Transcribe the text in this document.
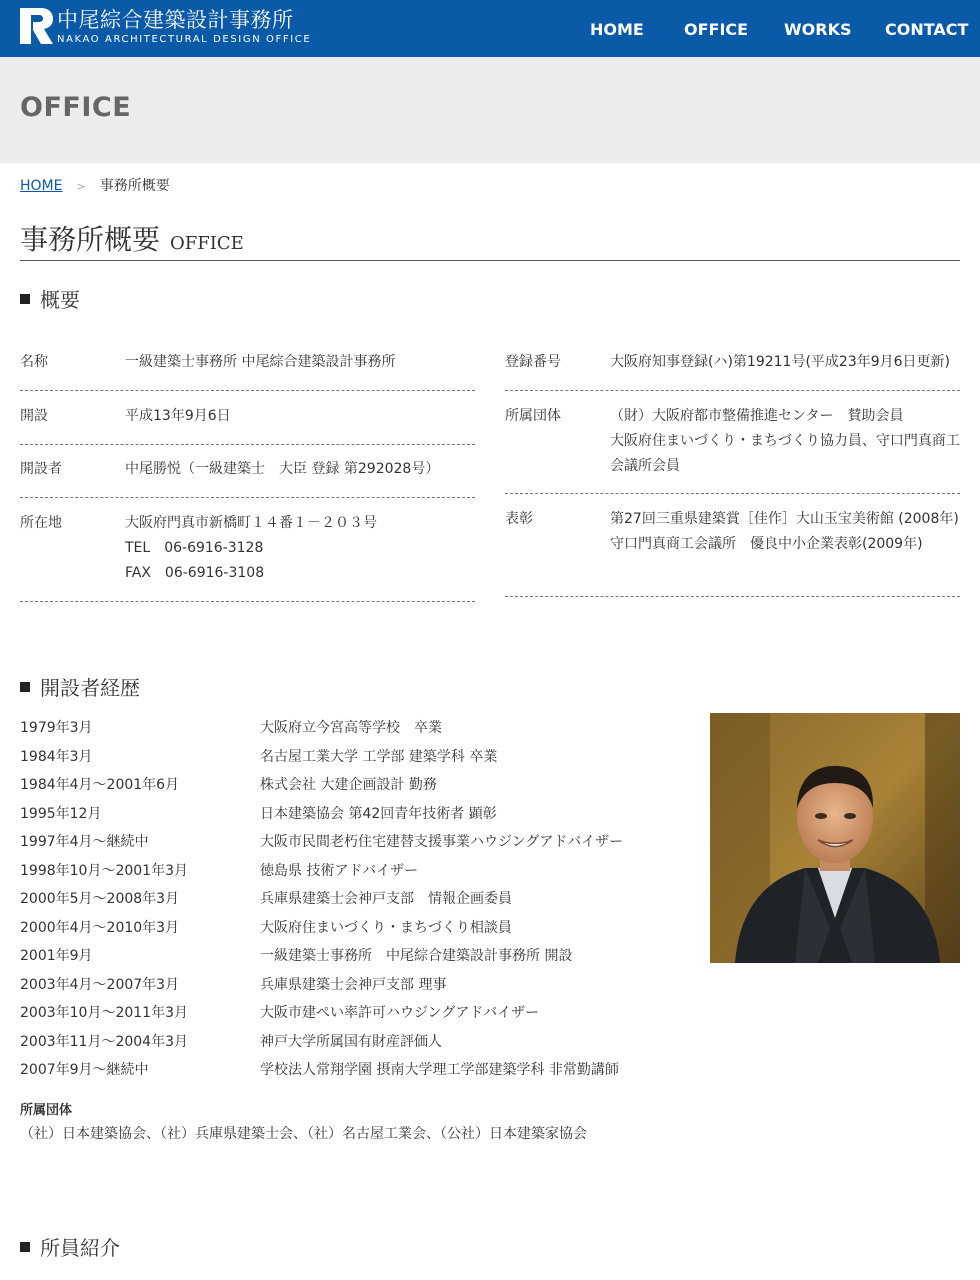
中尾綜合建築設計事務所
NAKAO ARCHITECTURAL DESIGN OFFICE
HOME	OFFICE	WORKS	CONTACT
OFFICE
HOME > 事務所概要
事務所概要 OFFICE
概要
名称	一級建築士事務所 中尾綜合建築設計事務所
開設	平成13年9月6日
開設者	中尾勝悦（一級建築士　大臣 登録 第292028号）
所在地	大阪府門真市新橋町１４番１－２０３号
TEL　06-6916-3128
FAX　06-6916-3108
登録番号	大阪府知事登録(ハ)第19211号(平成23年9月6日更新)
所属団体	（財）大阪府都市整備推進センター　賛助会員
大阪府住まいづくり・まちづくり協力員、守口門真商工
会議所会員
表彰	第27回三重県建築賞［佳作］大山玉宝美術館 (2008年)
守口門真商工会議所　優良中小企業表彰(2009年)
開設者経歴
1979年3月	大阪府立今宮高等学校　卒業
1984年3月	名古屋工業大学 工学部 建築学科 卒業
1984年4月～2001年6月	株式会社 大建企画設計 勤務
1995年12月	日本建築協会 第42回青年技術者 顕彰
1997年4月～継続中	大阪市民間老朽住宅建替支援事業ハウジングアドバイザー
1998年10月～2001年3月	徳島県 技術アドバイザー
2000年5月～2008年3月	兵庫県建築士会神戸支部　情報企画委員
2000年4月～2010年3月	大阪府住まいづくり・まちづくり相談員
2001年9月	一級建築士事務所　中尾綜合建築設計事務所 開設
2003年4月～2007年3月	兵庫県建築士会神戸支部 理事
2003年10月～2011年3月	大阪市建ぺい率許可ハウジングアドバイザー
2003年11月～2004年3月	神戸大学所属国有財産評価人
2007年9月～継続中	学校法人常翔学園 摂南大学理工学部建築学科 非常勤講師
所属団体
（社）日本建築協会、（社）兵庫県建築士会、（社）名古屋工業会、（公社）日本建築家協会
所員紹介
